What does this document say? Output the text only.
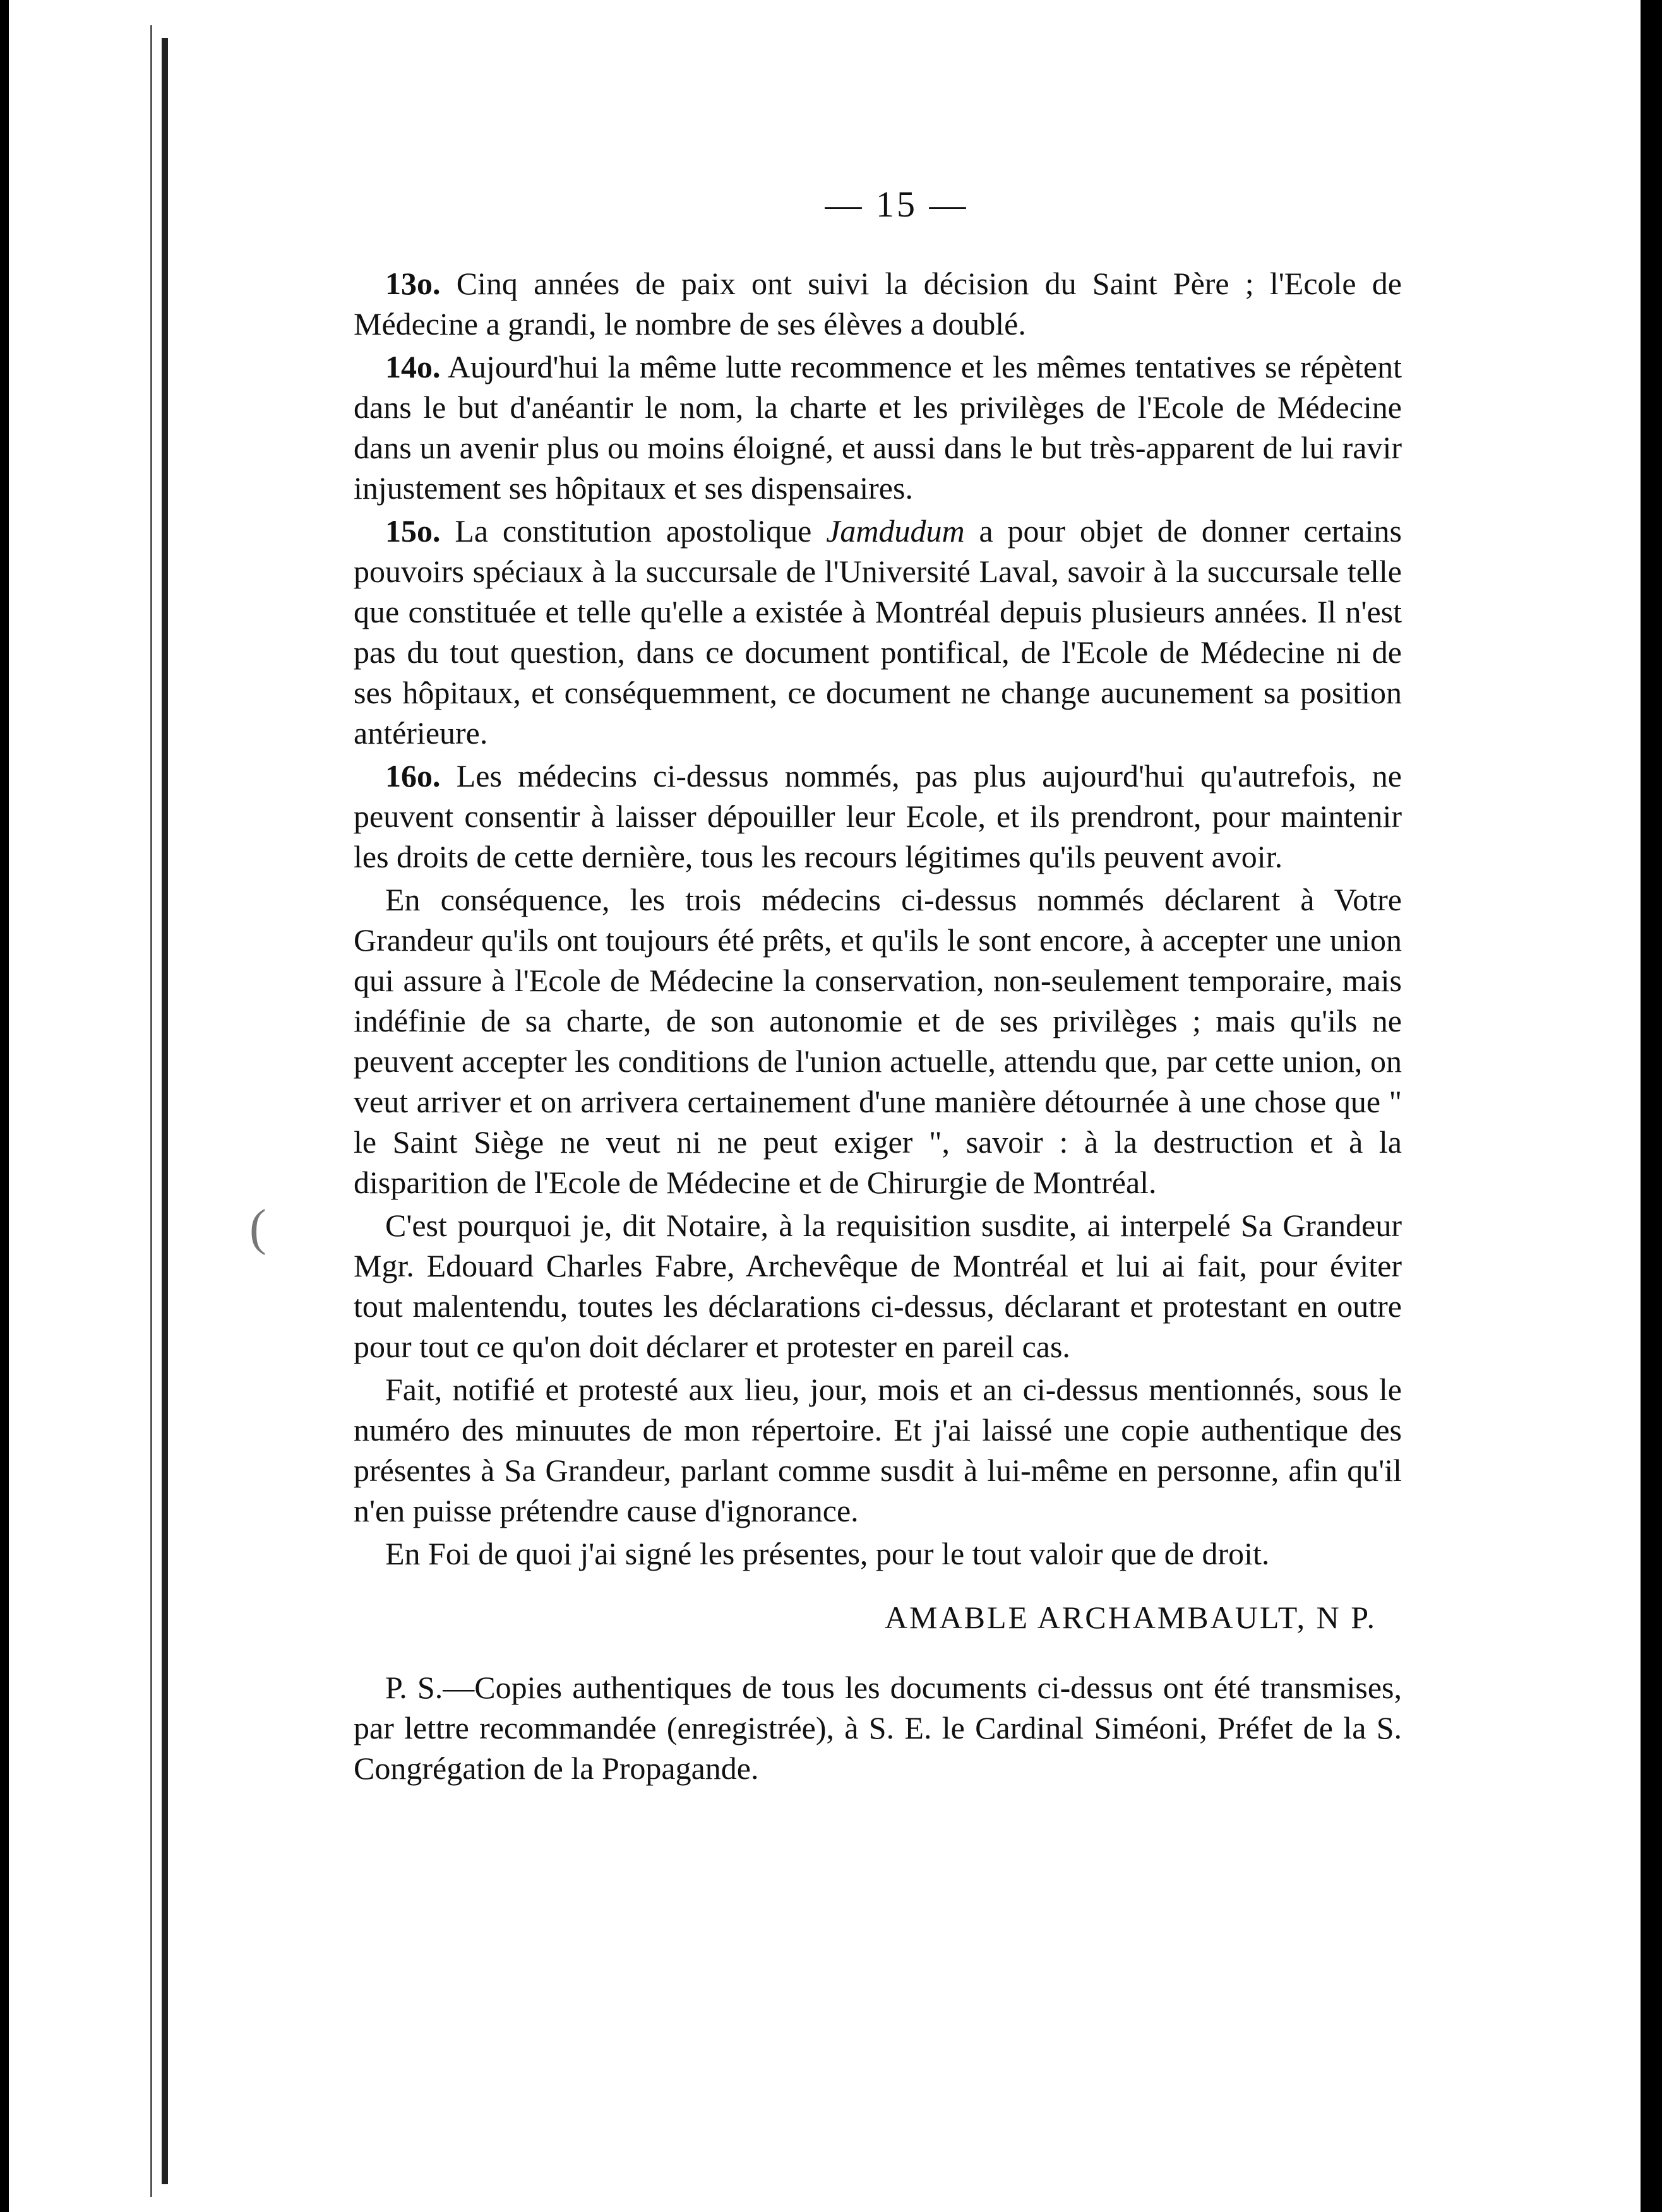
(
— 15 —

13o. Cinq années de paix ont suivi la décision du Saint Père ; l'Ecole de Médecine a grandi, le nombre de ses élèves a doublé.

14o. Aujourd'hui la même lutte recommence et les mêmes tentatives se répètent dans le but d'anéantir le nom, la charte et les privilèges de l'Ecole de Médecine dans un avenir plus ou moins éloigné, et aussi dans le but très-apparent de lui ravir injustement ses hôpitaux et ses dispensaires.

15o. La constitution apostolique Jamdudum a pour objet de donner certains pouvoirs spéciaux à la succursale de l'Université Laval, savoir à la succursale telle que constituée et telle qu'elle a existée à Montréal depuis plusieurs années. Il n'est pas du tout question, dans ce document pontifical, de l'Ecole de Médecine ni de ses hôpitaux, et conséquemment, ce document ne change aucunement sa position antérieure.

16o. Les médecins ci-dessus nommés, pas plus aujourd'hui qu'autrefois, ne peuvent consentir à laisser dépouiller leur Ecole, et ils prendront, pour maintenir les droits de cette dernière, tous les recours légitimes qu'ils peuvent avoir.

En conséquence, les trois médecins ci-dessus nommés déclarent à Votre Grandeur qu'ils ont toujours été prêts, et qu'ils le sont encore, à accepter une union qui assure à l'Ecole de Médecine la conservation, non-seulement temporaire, mais indéfinie de sa charte, de son autonomie et de ses privilèges ; mais qu'ils ne peuvent accepter les conditions de l'union actuelle, attendu que, par cette union, on veut arriver et on arrivera certainement d'une manière détournée à une chose que " le Saint Siège ne veut ni ne peut exiger ", savoir : à la destruction et à la disparition de l'Ecole de Médecine et de Chirurgie de Montréal.

C'est pourquoi je, dit Notaire, à la requisition susdite, ai interpelé Sa Grandeur Mgr. Edouard Charles Fabre, Archevêque de Montréal et lui ai fait, pour éviter tout malentendu, toutes les déclarations ci-dessus, déclarant et protestant en outre pour tout ce qu'on doit déclarer et protester en pareil cas.

Fait, notifié et protesté aux lieu, jour, mois et an ci-dessus mentionnés, sous le numéro des minuutes de mon répertoire. Et j'ai laissé une copie authentique des présentes à Sa Grandeur, parlant comme susdit à lui-même en personne, afin qu'il n'en puisse prétendre cause d'ignorance.

En Foi de quoi j'ai signé les présentes, pour le tout valoir que de droit.

AMABLE ARCHAMBAULT, N P.

P. S.—Copies authentiques de tous les documents ci-dessus ont été transmises, par lettre recommandée (enregistrée), à S. E. le Cardinal Siméoni, Préfet de la S. Congrégation de la Propagande.
